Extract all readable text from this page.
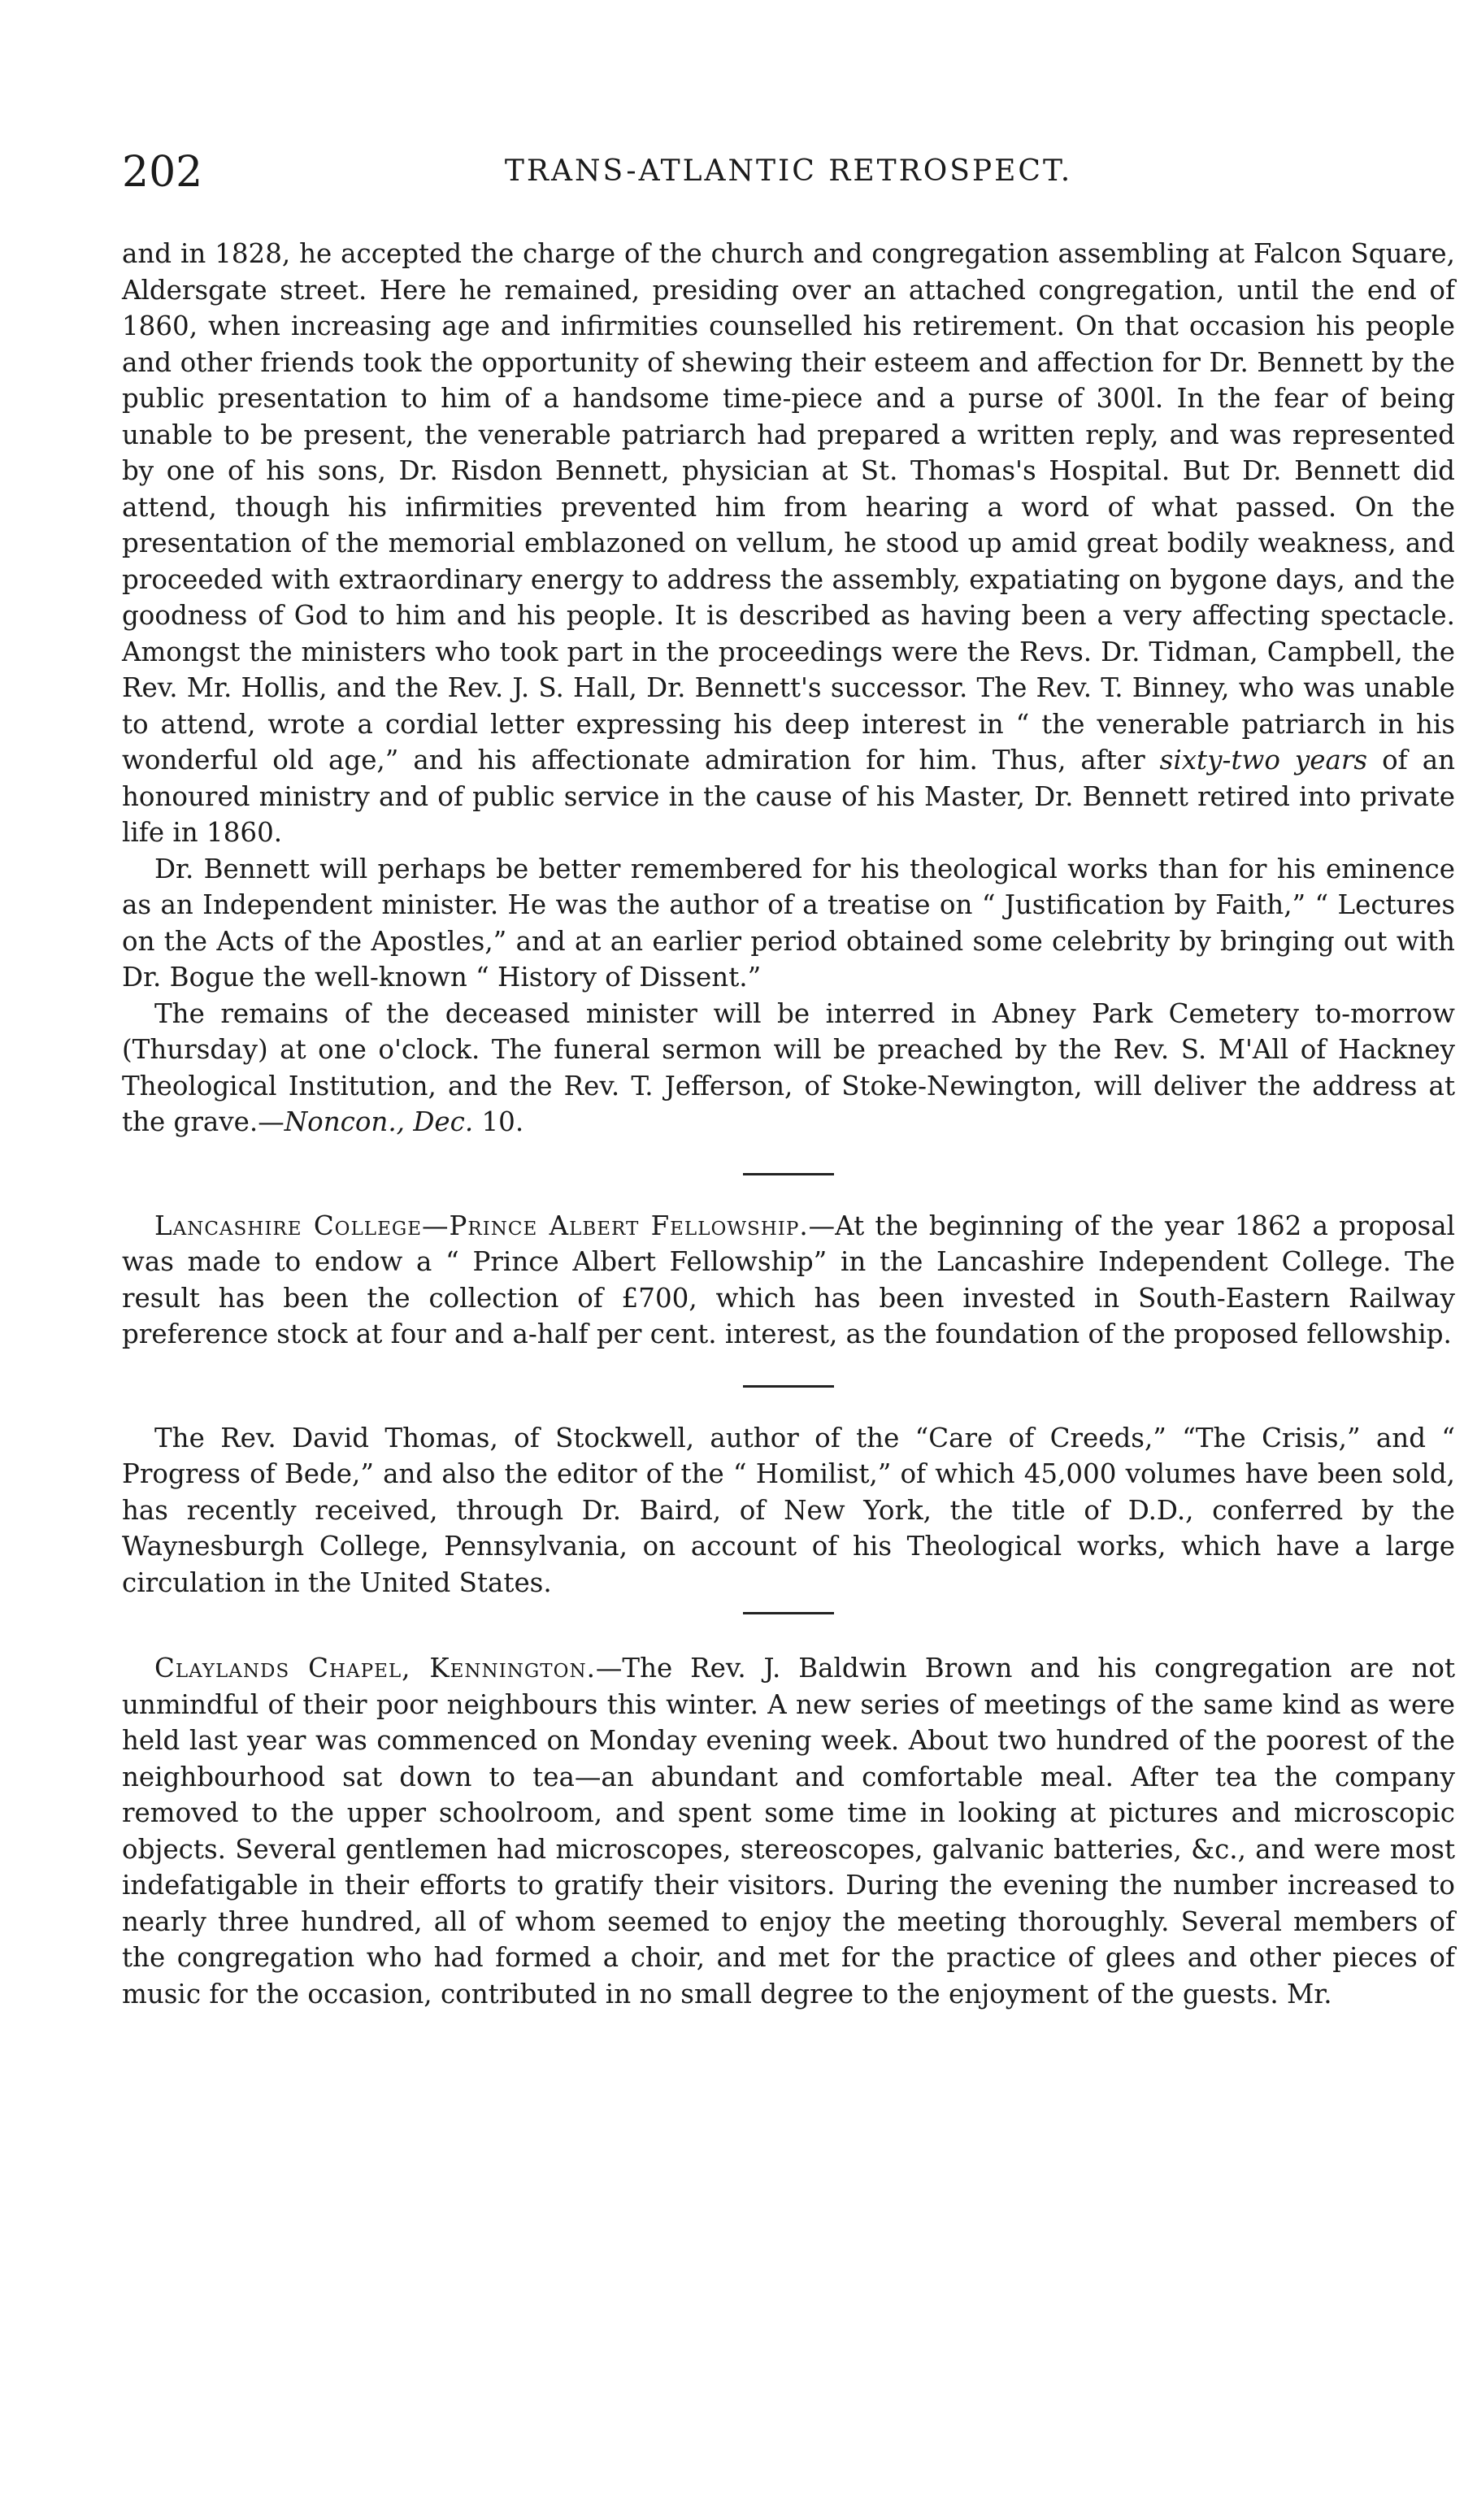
202	TRANS-ATLANTIC RETROSPECT.

and in 1828, he accepted the charge of the church and congregation assembling at Falcon Square, Aldersgate street. Here he remained, presiding over an attached congregation, until the end of 1860, when increasing age and infirmities counselled his retirement. On that occasion his people and other friends took the opportunity of shewing their esteem and affection for Dr. Bennett by the public presentation to him of a handsome time-piece and a purse of 300l. In the fear of being unable to be present, the venerable patriarch had prepared a written reply, and was represented by one of his sons, Dr. Risdon Bennett, physician at St. Thomas's Hospital. But Dr. Bennett did attend, though his infirmities prevented him from hearing a word of what passed. On the presentation of the memorial emblazoned on vellum, he stood up amid great bodily weakness, and proceeded with extraordinary energy to address the assembly, expatiating on bygone days, and the goodness of God to him and his people. It is described as having been a very affecting spectacle. Amongst the ministers who took part in the proceedings were the Revs. Dr. Tidman, Campbell, the Rev. Mr. Hollis, and the Rev. J. S. Hall, Dr. Bennett's successor. The Rev. T. Binney, who was unable to attend, wrote a cordial letter expressing his deep interest in “ the venerable patriarch in his wonderful old age,” and his affectionate admiration for him. Thus, after sixty-two years of an honoured ministry and of public service in the cause of his Master, Dr. Bennett retired into private life in 1860.

Dr. Bennett will perhaps be better remembered for his theological works than for his eminence as an Independent minister. He was the author of a treatise on “ Justification by Faith,” “ Lectures on the Acts of the Apostles,” and at an earlier period obtained some celebrity by bringing out with Dr. Bogue the well-known “ History of Dissent.”

The remains of the deceased minister will be interred in Abney Park Cemetery to-morrow (Thursday) at one o'clock. The funeral sermon will be preached by the Rev. S. M'All of Hackney Theological Institution, and the Rev. T. Jefferson, of Stoke-Newington, will deliver the address at the grave.—Noncon., Dec. 10.

Lancashire College—Prince Albert Fellowship.—At the beginning of the year 1862 a proposal was made to endow a “ Prince Albert Fellowship” in the Lancashire Independent College. The result has been the collection of £700, which has been invested in South-Eastern Railway preference stock at four and a-half per cent. interest, as the foundation of the proposed fellowship.

The Rev. David Thomas, of Stockwell, author of the “Care of Creeds,” “The Crisis,” and “ Progress of Bede,” and also the editor of the “ Homilist,” of which 45,000 volumes have been sold, has recently received, through Dr. Baird, of New York, the title of D.D., conferred by the Waynesburgh College, Pennsylvania, on account of his Theological works, which have a large circulation in the United States.

Claylands Chapel, Kennington.—The Rev. J. Baldwin Brown and his congregation are not unmindful of their poor neighbours this winter. A new series of meetings of the same kind as were held last year was commenced on Monday evening week. About two hundred of the poorest of the neighbourhood sat down to tea—an abundant and comfortable meal. After tea the company removed to the upper schoolroom, and spent some time in looking at pictures and microscopic objects. Several gentlemen had microscopes, stereoscopes, galvanic batteries, &c., and were most indefatigable in their efforts to gratify their visitors. During the evening the number increased to nearly three hundred, all of whom seemed to enjoy the meeting thoroughly. Several members of the congregation who had formed a choir, and met for the practice of glees and other pieces of music for the occasion, contributed in no small degree to the enjoyment of the guests. Mr.
